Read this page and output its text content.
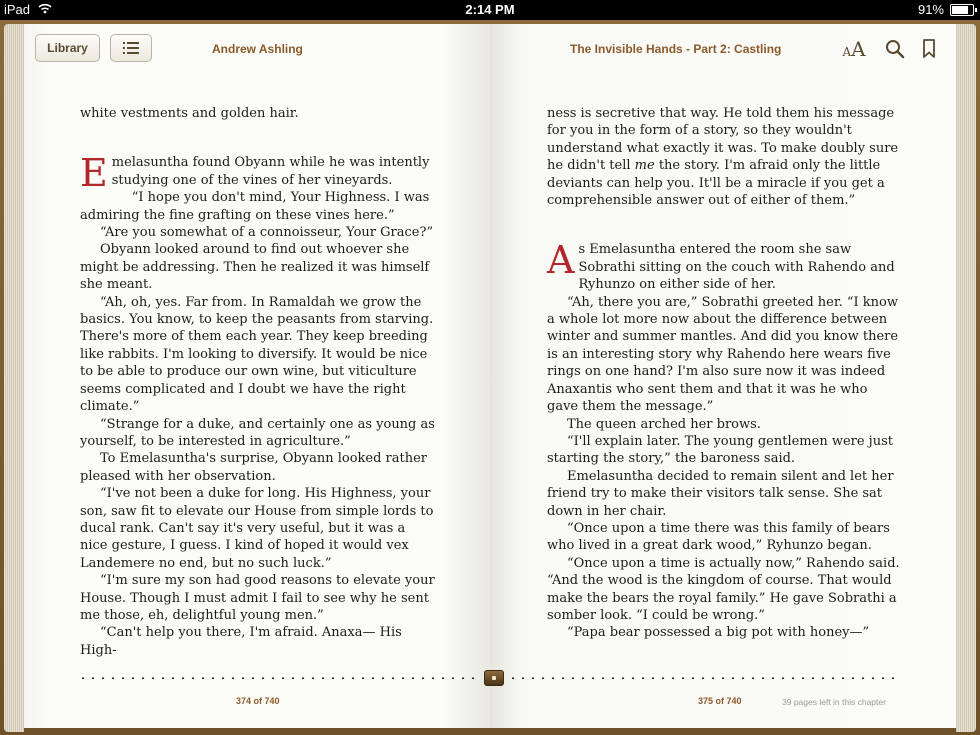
iPad	2:14 PM	91%
Library	Andrew Ashling	The Invisible Hands - Part 2: Castling	A A

white vestments and golden hair.

Emelasuntha found Obyann while he was intently studying one of the vines of her vineyards.

“I hope you don't mind, Your Highness. I was admiring the fine grafting on these vines here.”

“Are you somewhat of a connoisseur, Your Grace?”

Obyann looked around to find out whoever she might be addressing. Then he realized it was himself she meant.

“Ah, oh, yes. Far from. In Ramaldah we grow the basics. You know, to keep the peasants from starving. There's more of them each year. They keep breeding like rabbits. I'm looking to diversify. It would be nice to be able to produce our own wine, but viticulture seems complicated and I doubt we have the right climate.”

“Strange for a duke, and certainly one as young as yourself, to be interested in agriculture.”

To Emelasuntha's surprise, Obyann looked rather pleased with her observation.

“I've not been a duke for long. His Highness, your son, saw fit to elevate our House from simple lords to ducal rank. Can't say it's very useful, but it was a nice gesture, I guess. I kind of hoped it would vex Landemere no end, but no such luck.”

“I'm sure my son had good reasons to elevate your House. Though I must admit I fail to see why he sent me those, eh, delightful young men.”

“Can't help you there, I'm afraid. Anaxa— His High-

ness is secretive that way. He told them his message for you in the form of a story, so they wouldn't understand what exactly it was. To make doubly sure he didn't tell me the story. I'm afraid only the little deviants can help you. It'll be a miracle if you get a comprehensible answer out of either of them.”

As Emelasuntha entered the room she saw Sobrathi sitting on the couch with Rahendo and Ryhunzo on either side of her.

“Ah, there you are,” Sobrathi greeted her. “I know a whole lot more now about the difference between winter and summer mantles. And did you know there is an interesting story why Rahendo here wears five rings on one hand? I'm also sure now it was indeed Anaxantis who sent them and that it was he who gave them the message.”

The queen arched her brows.

“I'll explain later. The young gentlemen were just starting the story,” the baroness said.

Emelasuntha decided to remain silent and let her friend try to make their visitors talk sense. She sat down in her chair.

“Once upon a time there was this family of bears who lived in a great dark wood,” Ryhunzo began.

“Once upon a time is actually now,” Rahendo said. “And the wood is the kingdom of course. That would make the bears the royal family.” He gave Sobrathi a somber look. “I could be wrong.”

“Papa bear possessed a big pot with honey—”

374 of 740	375 of 740	39 pages left in this chapter
